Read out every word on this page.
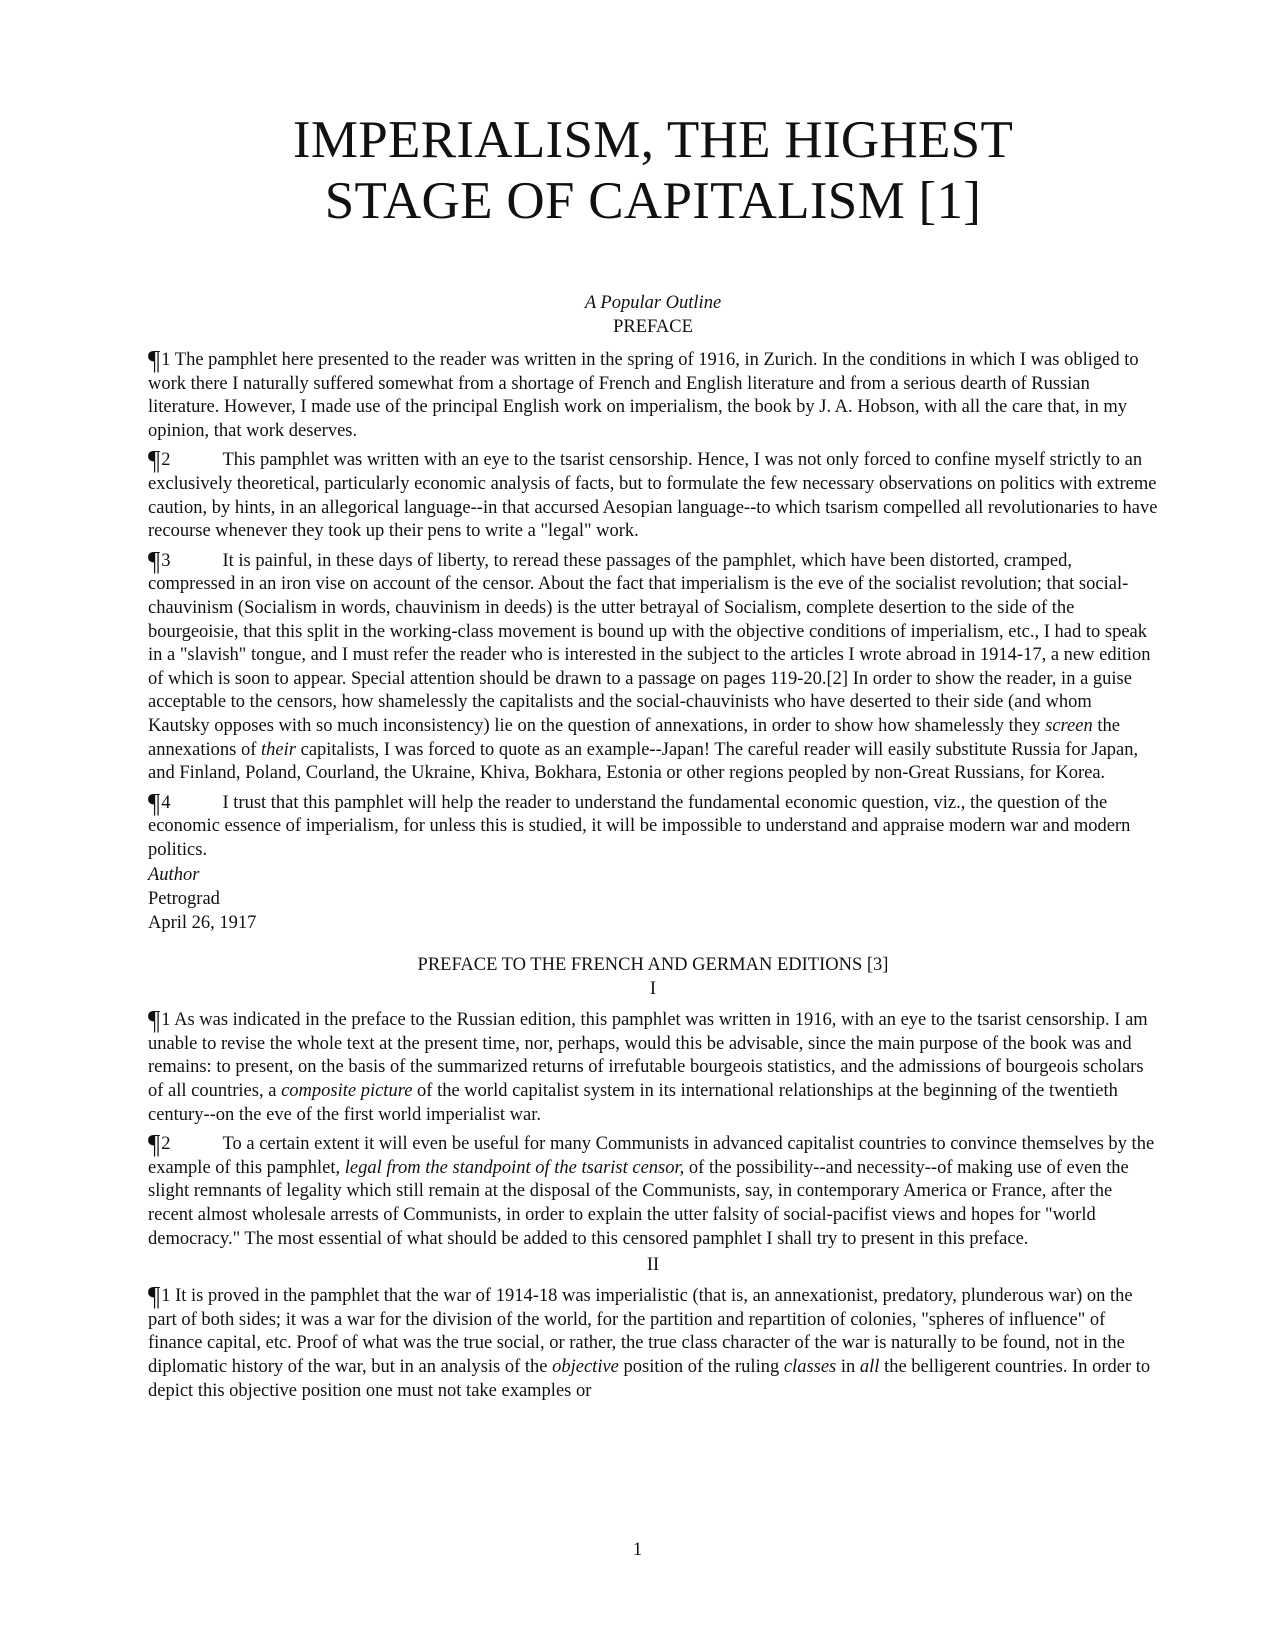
IMPERIALISM, THE HIGHEST
STAGE OF CAPITALISM [1]
A Popular Outline
PREFACE

¶1 The pamphlet here presented to the reader was written in the spring of 1916, in Zurich. In the conditions in which I was obliged to work there I naturally suffered somewhat from a shortage of French and English literature and from a serious dearth of Russian literature. However, I made use of the principal English work on imperialism, the book by J. A. Hobson, with all the care that, in my opinion, that work deserves.

¶2	This pamphlet was written with an eye to the tsarist censorship. Hence, I was not only forced to confine myself strictly to an exclusively theoretical, particularly economic analysis of facts, but to formulate the few necessary observations on politics with extreme caution, by hints, in an allegorical language--in that accursed Aesopian language--to which tsarism compelled all revolutionaries to have recourse whenever they took up their pens to write a "legal" work.

¶3	It is painful, in these days of liberty, to reread these passages of the pamphlet, which have been distorted, cramped, compressed in an iron vise on account of the censor. About the fact that imperialism is the eve of the socialist revolution; that social-chauvinism (Socialism in words, chauvinism in deeds) is the utter betrayal of Socialism, complete desertion to the side of the bourgeoisie, that this split in the working-class movement is bound up with the objective conditions of imperialism, etc., I had to speak in a "slavish" tongue, and I must refer the reader who is interested in the subject to the articles I wrote abroad in 1914-17, a new edition of which is soon to appear. Special attention should be drawn to a passage on pages 119-20.[2] In order to show the reader, in a guise acceptable to the censors, how shamelessly the capitalists and the social-chauvinists who have deserted to their side (and whom Kautsky opposes with so much inconsistency) lie on the question of annexations, in order to show how shamelessly they screen the annexations of their capitalists, I was forced to quote as an example--Japan! The careful reader will easily substitute Russia for Japan, and Finland, Poland, Courland, the Ukraine, Khiva, Bokhara, Estonia or other regions peopled by non-Great Russians, for Korea.

¶4	I trust that this pamphlet will help the reader to understand the fundamental economic question, viz., the question of the economic essence of imperialism, for unless this is studied, it will be impossible to understand and appraise modern war and modern politics.

Author
Petrograd
April 26, 1917
PREFACE TO THE FRENCH AND GERMAN EDITIONS [3]
I

¶1 As was indicated in the preface to the Russian edition, this pamphlet was written in 1916, with an eye to the tsarist censorship. I am unable to revise the whole text at the present time, nor, perhaps, would this be advisable, since the main purpose of the book was and remains: to present, on the basis of the summarized returns of irrefutable bourgeois statistics, and the admissions of bourgeois scholars of all countries, a composite picture of the world capitalist system in its international relationships at the beginning of the twentieth century--on the eve of the first world imperialist war.

¶2	To a certain extent it will even be useful for many Communists in advanced capitalist countries to convince themselves by the example of this pamphlet, legal from the standpoint of the tsarist censor, of the possibility--and necessity--of making use of even the slight remnants of legality which still remain at the disposal of the Communists, say, in contemporary America or France, after the recent almost wholesale arrests of Communists, in order to explain the utter falsity of social-pacifist views and hopes for "world democracy." The most essential of what should be added to this censored pamphlet I shall try to present in this preface.

II

¶1 It is proved in the pamphlet that the war of 1914-18 was imperialistic (that is, an annexationist, predatory, plunderous war) on the part of both sides; it was a war for the division of the world, for the partition and repartition of colonies, "spheres of influence" of finance capital, etc. Proof of what was the true social, or rather, the true class character of the war is naturally to be found, not in the diplomatic history of the war, but in an analysis of the objective position of the ruling classes in all the belligerent countries. In order to depict this objective position one must not take examples or

1
